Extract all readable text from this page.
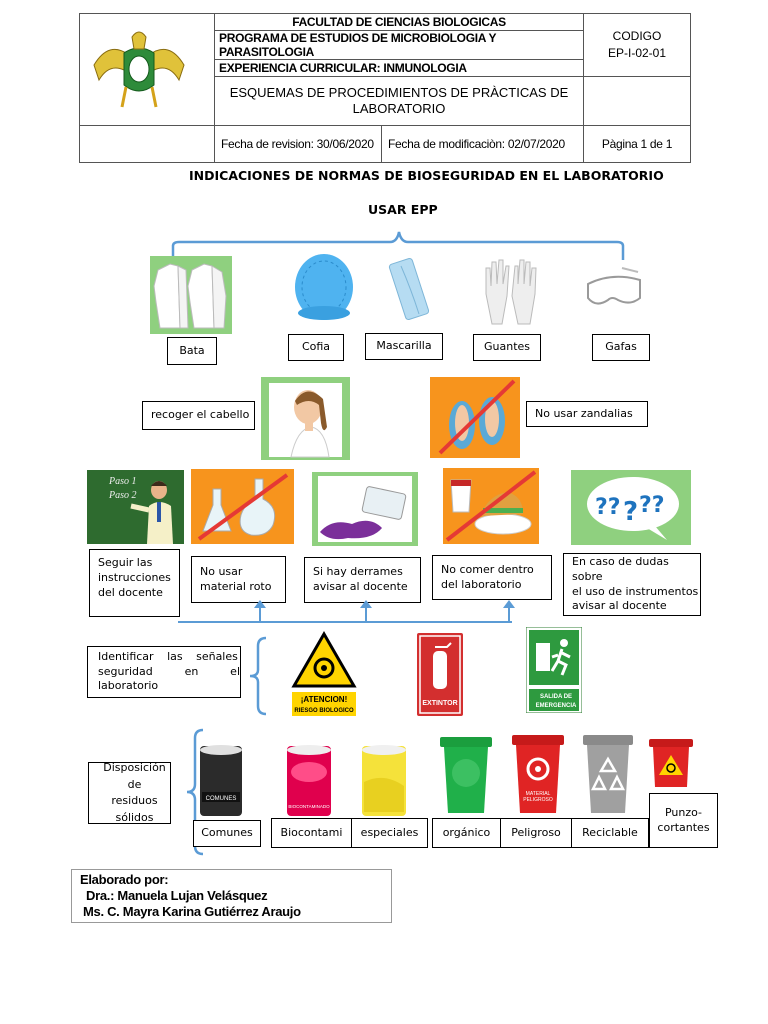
	FACULTAD DE CIENCIAS BIOLOGICAS	CODIGO
EP-I-02-01

	PROGRAMA DE ESTUDIOS DE MICROBIOLOGIA Y PARASITOLOGIA	
	EXPERIENCIA CURRICULAR: INMUNOLOGIA	

	ESQUEMAS DE PROCEDIMIENTOS DE PRÀCTICAS DE
LABORATORIO	

Fecha de revision: 30/06/2020 Fecha de modificaciòn: 02/07/2020	Pàgina 1 de 1
INDICACIONES DE NORMAS DE BIOSEGURIDAD EN EL LABORATORIO
USAR EPP
Bata	Cofia	Mascarilla	Guantes	Gafas
recoger el cabello	No usar zandalias
Paso 1
Paso 2	?? ? ??
Seguir las
instrucciones
del docente
No usar
material roto
Si hay derrames
avisar al docente
No comer dentro
del laboratorio
En caso de dudas sobre
el uso de instrumentos
avisar al docente
Identificar las señales
seguridad en el laboratorio
¡ATENCION!
RIESGO BIOLOGICO
EXTINTOR
SALIDA DE
EMERGENCIA
Disposición
de residuos
sólidos
COMUNES
BIOCONTAMINADO
MATERIAL
PELIGROSO
Comunes	Biocontami	especiales	orgánico	Peligroso	Reciclable
Punzo-
cortantes
Elaborado por:
Dra.: Manuela Lujan Velásquez
Ms. C. Mayra Karina Gutiérrez Araujo
